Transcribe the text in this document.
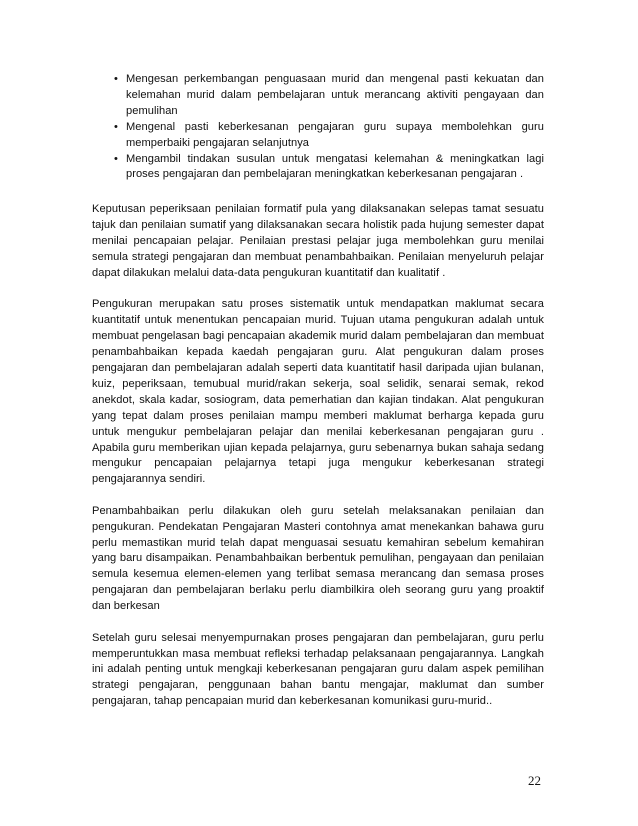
• Mengesan perkembangan penguasaan murid dan mengenal pasti kekuatan dan kelemahan murid dalam pembelajaran untuk merancang aktiviti pengayaan dan pemulihan
• Mengenal pasti keberkesanan pengajaran guru supaya membolehkan guru memperbaiki pengajaran selanjutnya
• Mengambil tindakan susulan untuk mengatasi kelemahan & meningkatkan lagi proses pengajaran dan pembelajaran meningkatkan keberkesanan pengajaran .

Keputusan peperiksaan penilaian formatif pula yang dilaksanakan selepas tamat sesuatu tajuk dan penilaian sumatif yang dilaksanakan secara holistik pada hujung semester dapat menilai pencapaian pelajar. Penilaian prestasi pelajar juga membolehkan guru menilai semula strategi pengajaran dan membuat penambahbaikan. Penilaian menyeluruh pelajar dapat dilakukan melalui data-data pengukuran kuantitatif dan kualitatif .

Pengukuran merupakan satu proses sistematik untuk mendapatkan maklumat secara kuantitatif untuk menentukan pencapaian murid. Tujuan utama pengukuran adalah untuk membuat pengelasan bagi pencapaian akademik murid dalam pembelajaran dan membuat penambahbaikan kepada kaedah pengajaran guru. Alat pengukuran dalam proses pengajaran dan pembelajaran adalah seperti data kuantitatif hasil daripada ujian bulanan, kuiz, peperiksaan, temubual murid/rakan sekerja, soal selidik, senarai semak, rekod anekdot, skala kadar, sosiogram, data pemerhatian dan kajian tindakan. Alat pengukuran yang tepat dalam proses penilaian mampu memberi maklumat berharga kepada guru untuk mengukur pembelajaran pelajar dan menilai keberkesanan pengajaran guru . Apabila guru memberikan ujian kepada pelajarnya, guru sebenarnya bukan sahaja sedang mengukur pencapaian pelajarnya tetapi juga mengukur keberkesanan strategi pengajarannya sendiri.

Penambahbaikan perlu dilakukan oleh guru setelah melaksanakan penilaian dan pengukuran. Pendekatan Pengajaran Masteri contohnya amat menekankan bahawa guru perlu memastikan murid telah dapat menguasai sesuatu kemahiran sebelum kemahiran yang baru disampaikan. Penambahbaikan berbentuk pemulihan, pengayaan dan penilaian semula kesemua elemen-elemen yang terlibat semasa merancang dan semasa proses pengajaran dan pembelajaran berlaku perlu diambilkira oleh seorang guru yang proaktif dan berkesan

Setelah guru selesai menyempurnakan proses pengajaran dan pembelajaran, guru perlu memperuntukkan masa membuat refleksi terhadap pelaksanaan pengajarannya. Langkah ini adalah penting untuk mengkaji keberkesanan pengajaran guru dalam aspek pemilihan strategi pengajaran, penggunaan bahan bantu mengajar, maklumat dan sumber pengajaran, tahap pencapaian murid dan keberkesanan komunikasi guru-murid..

22
